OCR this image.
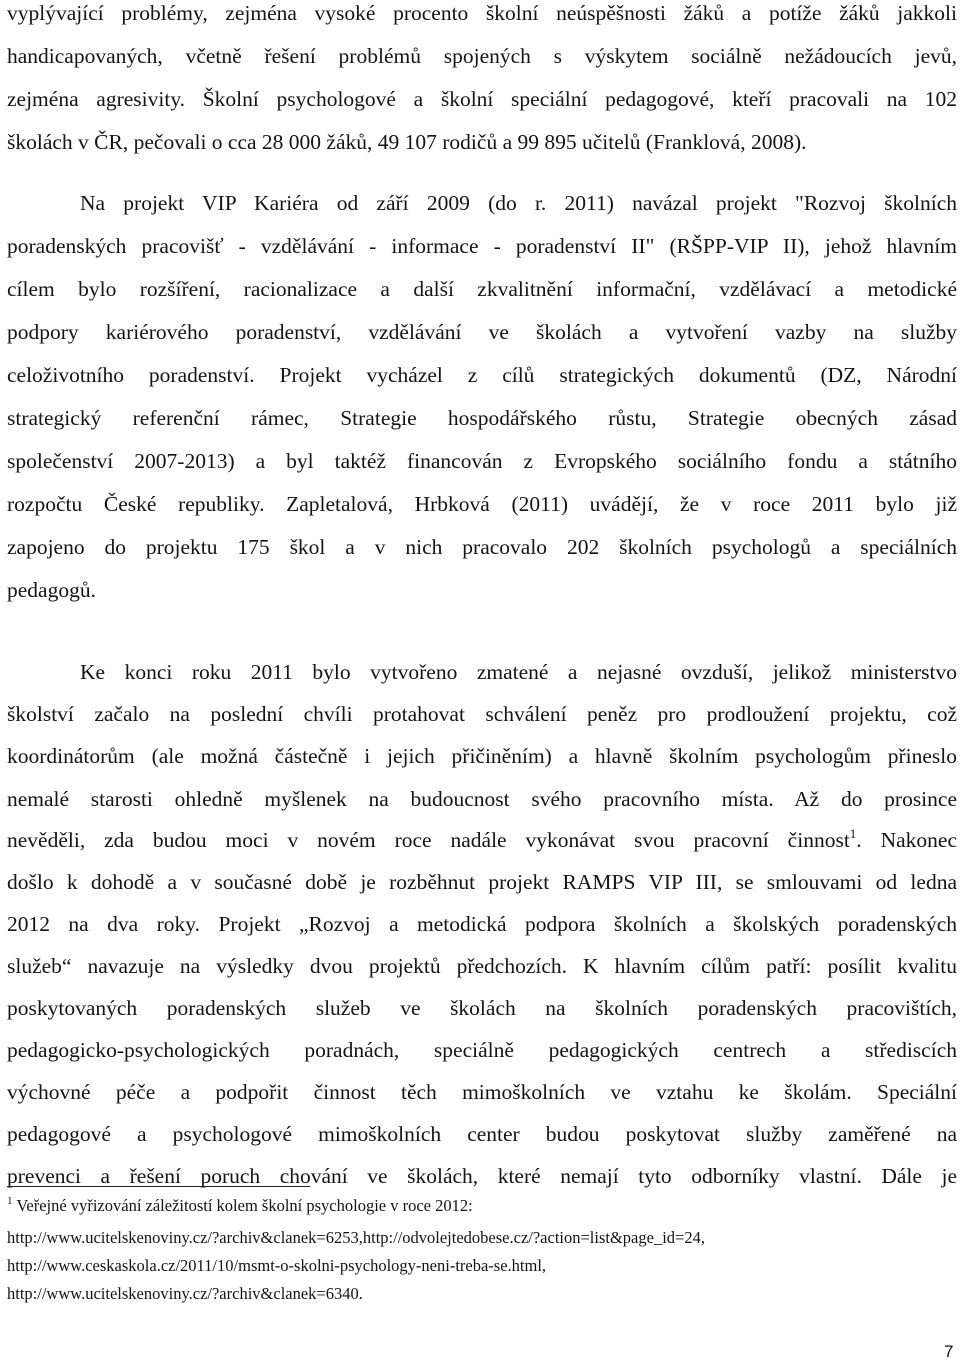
vyplývající problémy, zejména vysoké procento školní neúspěšnosti žáků a potíže žáků jakkoli
handicapovaných, včetně řešení problémů spojených s výskytem sociálně nežádoucích jevů,
zejména agresivity. Školní psychologové a školní speciální pedagogové, kteří pracovali na 102
školách v ČR, pečovali o cca 28 000 žáků, 49 107 rodičů a 99 895 učitelů (Franklová, 2008).
Na projekt VIP Kariéra od září 2009 (do r. 2011) navázal projekt "Rozvoj školních
poradenských pracovišť - vzdělávání - informace - poradenství II" (RŠPP-VIP II), jehož hlavním
cílem bylo rozšíření, racionalizace a další zkvalitnění informační, vzdělávací a metodické
podpory kariérového poradenství, vzdělávání ve školách a vytvoření vazby na služby
celoživotního poradenství. Projekt vycházel z cílů strategických dokumentů (DZ, Národní
strategický referenční rámec, Strategie hospodářského růstu, Strategie obecných zásad
společenství 2007-2013) a byl taktéž financován z Evropského sociálního fondu a státního
rozpočtu České republiky. Zapletalová, Hrbková (2011) uvádějí, že v roce 2011 bylo již
zapojeno do projektu 175 škol a v nich pracovalo 202 školních psychologů a speciálních
pedagogů.
Ke konci roku 2011 bylo vytvořeno zmatené a nejasné ovzduší, jelikož ministerstvo
školství začalo na poslední chvíli protahovat schválení peněz pro prodloužení projektu, což
koordinátorům (ale možná částečně i jejich přičiněním) a hlavně školním psychologům přineslo
nemalé starosti ohledně myšlenek na budoucnost svého pracovního místa. Až do prosince
nevěděli, zda budou moci v novém roce nadále vykonávat svou pracovní činnost$^1$. Nakonec
došlo k dohodě a v současné době je rozběhnut projekt RAMPS VIP III, se smlouvami od ledna
2012 na dva roky. Projekt „Rozvoj a metodická podpora školních a školských poradenských
služeb“ navazuje na výsledky dvou projektů předchozích. K hlavním cílům patří: posílit kvalitu
poskytovaných poradenských služeb ve školách na školních poradenských pracovištích,
pedagogicko-psychologických poradnách, speciálně pedagogických centrech a střediscích
výchovné péče a podpořit činnost těch mimoškolních ve vztahu ke školám. Speciální
pedagogové a psychologové mimoškolních center budou poskytovat služby zaměřené na
prevenci a řešení poruch chování ve školách, které nemají tyto odborníky vlastní. Dále je
$^1$ Veřejné vyřizování záležitostí kolem školní psychologie v roce 2012:
http://www.ucitelskenoviny.cz/?archiv&clanek=6253,http://odvolejtedobese.cz/?action=list&page_id=24,
http://www.ceskaskola.cz/2011/10/msmt-o-skolni-psychology-neni-treba-se.html,
http://www.ucitelskenoviny.cz/?archiv&clanek=6340.
7
